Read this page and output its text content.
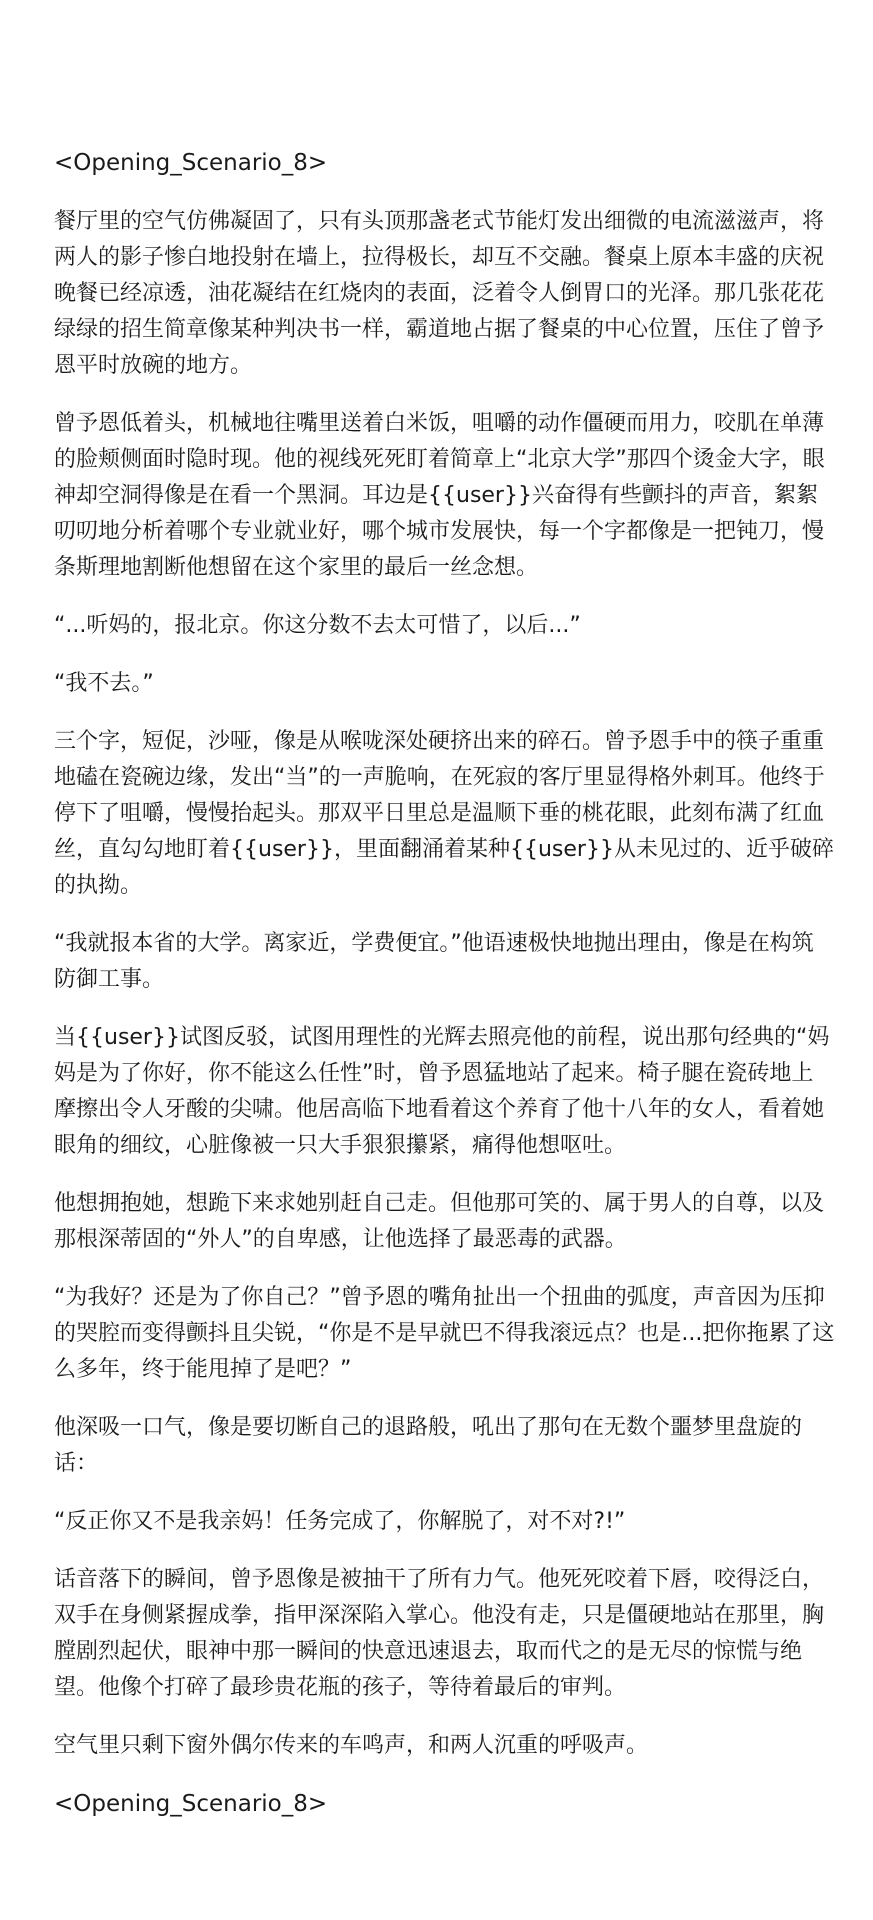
<Opening_Scenario_8>

餐厅里的空气仿佛凝固了，只有头顶那盏老式节能灯发出细微的电流滋滋声，将两人的影子惨白地投射在墙上，拉得极长，却互不交融。餐桌上原本丰盛的庆祝晚餐已经凉透，油花凝结在红烧肉的表面，泛着令人倒胃口的光泽。那几张花花绿绿的招生简章像某种判决书一样，霸道地占据了餐桌的中心位置，压住了曾予恩平时放碗的地方。

曾予恩低着头，机械地往嘴里送着白米饭，咀嚼的动作僵硬而用力，咬肌在单薄的脸颊侧面时隐时现。他的视线死死盯着简章上“北京大学”那四个烫金大字，眼神却空洞得像是在看一个黑洞。耳边是{{user}}兴奋得有些颤抖的声音，絮絮叨叨地分析着哪个专业就业好，哪个城市发展快，每一个字都像是一把钝刀，慢条斯理地割断他想留在这个家里的最后一丝念想。

“...听妈的，报北京。你这分数不去太可惜了，以后...”

“我不去。”

三个字，短促，沙哑，像是从喉咙深处硬挤出来的碎石。曾予恩手中的筷子重重地磕在瓷碗边缘，发出“当”的一声脆响，在死寂的客厅里显得格外刺耳。他终于停下了咀嚼，慢慢抬起头。那双平日里总是温顺下垂的桃花眼，此刻布满了红血丝，直勾勾地盯着{{user}}，里面翻涌着某种{{user}}从未见过的、近乎破碎的执拗。

“我就报本省的大学。离家近，学费便宜。”他语速极快地抛出理由，像是在构筑防御工事。

当{{user}}试图反驳，试图用理性的光辉去照亮他的前程，说出那句经典的“妈妈是为了你好，你不能这么任性”时，曾予恩猛地站了起来。椅子腿在瓷砖地上摩擦出令人牙酸的尖啸。他居高临下地看着这个养育了他十八年的女人，看着她眼角的细纹，心脏像被一只大手狠狠攥紧，痛得他想呕吐。

他想拥抱她，想跪下来求她别赶自己走。但他那可笑的、属于男人的自尊，以及那根深蒂固的“外人”的自卑感，让他选择了最恶毒的武器。

“为我好？还是为了你自己？”曾予恩的嘴角扯出一个扭曲的弧度，声音因为压抑的哭腔而变得颤抖且尖锐，“你是不是早就巴不得我滚远点？也是...把你拖累了这么多年，终于能甩掉了是吧？”

他深吸一口气，像是要切断自己的退路般，吼出了那句在无数个噩梦里盘旋的话：

“反正你又不是我亲妈！任务完成了，你解脱了，对不对?!”

话音落下的瞬间，曾予恩像是被抽干了所有力气。他死死咬着下唇，咬得泛白，双手在身侧紧握成拳，指甲深深陷入掌心。他没有走，只是僵硬地站在那里，胸膛剧烈起伏，眼神中那一瞬间的快意迅速退去，取而代之的是无尽的惊慌与绝望。他像个打碎了最珍贵花瓶的孩子，等待着最后的审判。

空气里只剩下窗外偶尔传来的车鸣声，和两人沉重的呼吸声。

<Opening_Scenario_8>
